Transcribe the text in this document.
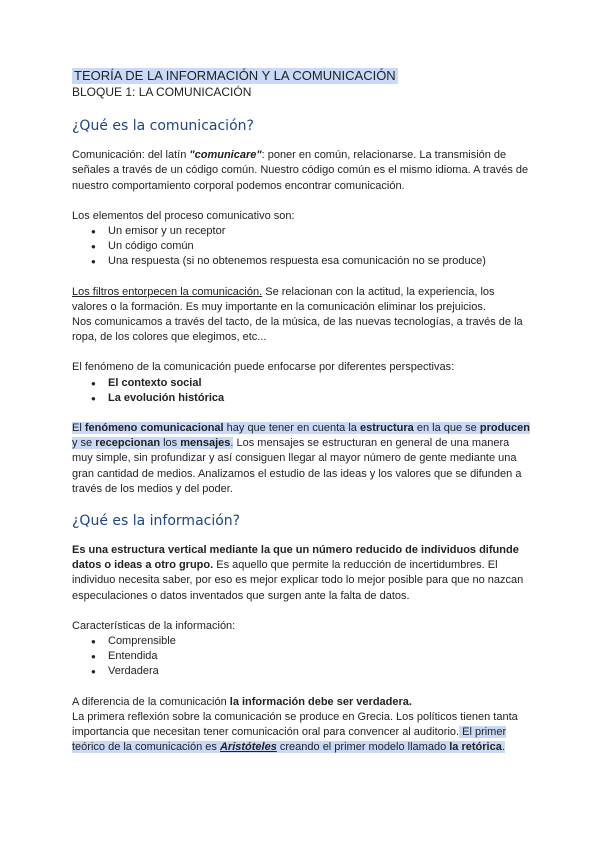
TEORÍA DE LA INFORMACIÓN Y LA COMUNICACIÓN
BLOQUE 1: LA COMUNICACIÓN
¿Qué es la comunicación?

Comunicación: del latín "comunicare": poner en común, relacionarse. La transmisión de señales a través de un código común. Nuestro código común es el mismo idioma. A través de nuestro comportamiento corporal podemos encontrar comunicación.

Los elementos del proceso comunicativo son:

● Un emisor y un receptor
● Un código común
● Una respuesta (si no obtenemos respuesta esa comunicación no se produce)

Los filtros entorpecen la comunicación. Se relacionan con la actitud, la experiencia, los valores o la formación. Es muy importante en la comunicación eliminar los prejuicios.

Nos comunicamos a través del tacto, de la música, de las nuevas tecnologías, a través de la ropa, de los colores que elegimos, etc...

El fenómeno de la comunicación puede enfocarse por diferentes perspectivas:

● El contexto social
● La evolución histórica

El fenómeno comunicacional hay que tener en cuenta la estructura en la que se producen y se recepcionan los mensajes. Los mensajes se estructuran en general de una manera muy simple, sin profundizar y así consiguen llegar al mayor número de gente mediante una gran cantidad de medios. Analizamos el estudio de las ideas y los valores que se difunden a través de los medios y del poder.

¿Qué es la información?

Es una estructura vertical mediante la que un número reducido de individuos difunde datos o ideas a otro grupo. Es aquello que permite la reducción de incertidumbres. El individuo necesita saber, por eso es mejor explicar todo lo mejor posible para que no nazcan especulaciones o datos inventados que surgen ante la falta de datos.

Características de la información:

● Comprensible
● Entendida
● Verdadera

A diferencia de la comunicación la información debe ser verdadera.

La primera reflexión sobre la comunicación se produce en Grecia. Los políticos tienen tanta importancia que necesitan tener comunicación oral para convencer al auditorio. El primer teórico de la comunicación es Aristóteles creando el primer modelo llamado la retórica.
